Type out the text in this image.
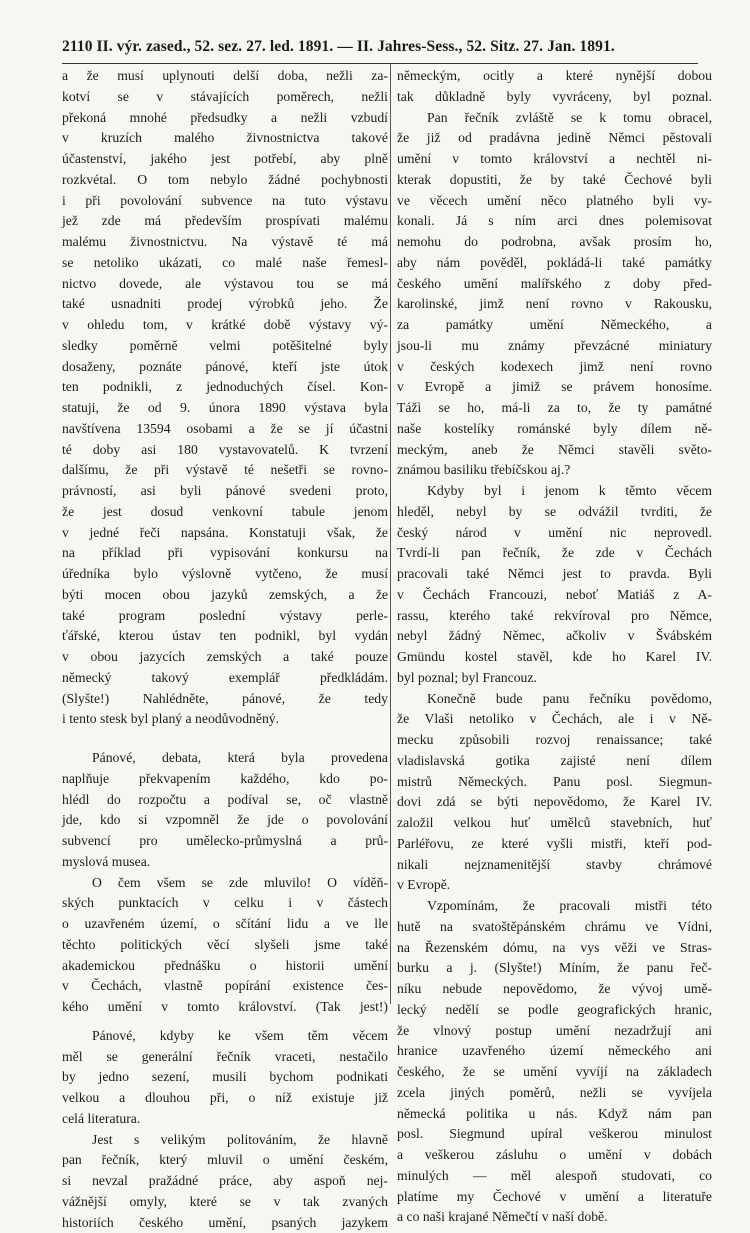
2110 II. výr. zased., 52. sez. 27. led. 1891. — II. Jahres-Sess., 52. Sitz. 27. Jan. 1891.
a že musí uplynouti delší doba, nežli za-
kotví se v stávajících poměrech, nežli
překoná mnohé předsudky a nežli vzbudí
v kruzích malého živnostnictva takové
účastenství, jakého jest potřebí, aby plně
rozkvétal. O tom nebylo žádné pochybnosti
i při povolování subvence na tuto výstavu
jež zde má především prospívati malému
malému živnostnictvu. Na výstavě té má
se netoliko ukázati, co malé naše řemesl-
nictvo dovede, ale výstavou tou se má
také usnadniti prodej výrobků jeho. Že
v ohledu tom, v krátké době výstavy vý-
sledky poměrně velmi potěšitelné byly
dosaženy, poznáte pánové, kteří jste útok
ten podnikli, z jednoduchých čísel. Kon-
statuji, že od 9. února 1890 výstava byla
navštívena 13594 osobami a že se jí účastni
té doby asi 180 vystavovatelů. K tvrzení
dalšímu, že při výstavě té nešetři se rovno-
právností, asi byli pánové svedeni proto,
že jest dosud venkovní tabule jenom
v jedné řeči napsána. Konstatuji však, že
na příklad při vypisování konkursu na
úředníka bylo výslovně vytčeno, že musí
býti mocen obou jazyků zemských, a že
také program poslední výstavy perle-
ťářské, kterou ústav ten podnikl, byl vydán
v obou jazycích zemských a také pouze
německý takový exemplář předkládám.
(Slyšte!) Nahlédněte, pánové, že tedy
i tento stesk byl planý a neodůvodněný.
Pánové, debata, která byla provedena
naplňuje překvapením každého, kdo po-
hlédl do rozpočtu a podíval se, oč vlastně
jde, kdo si vzpomněl že jde o povolování
subvencí pro umělecko-průmyslná a prů-
myslová musea.
O čem všem se zde mluvilo! O víděň-
ských punktacích v celku i v částech
o uzavřeném území, o sčítání lidu a ve lle
těchto politických věcí slyšeli jsme také
akademickou přednášku o historii umění
v Čechách, vlastně popírání existence čes-
kého umění v tomto království. (Tak jest!)
Pánové, kdyby ke všem těm věcem
měl se generální řečník vraceti, nestačilo
by jedno sezení, musili bychom podnikati
velkou a dlouhou při, o níž existuje již
celá literatura.
Jest s velikým politováním, že hlavně
pan řečník, který mluvil o umění českém,
si nevzal pražádné práce, aby aspoň nej-
vážnější omyly, které se v tak zvaných
historiích českého umění, psaných jazykem
německým, ocitly a které nynější dobou
tak důkladně byly vyvráceny, byl poznal.
Pan řečník zvláště se k tomu obracel,
že již od pradávna jedině Němci pěstovali
umění v tomto království a nechtěl ni-
kterak dopustiti, že by také Čechové byli
ve věcech umění něco platného byli vy-
konali. Já s ním arci dnes polemisovat
nemohu do podrobna, avšak prosím ho,
aby nám pověděl, pokládá-li také památky
českého umění malířského z doby před-
karolinské, jimž není rovno v Rakousku,
za památky umění Německého, a
jsou-li mu známy převzácné miniatury
v českých kodexech jimž není rovno
v Evropě a jimiž se právem honosíme.
Tážì se ho, má-li za to, že ty památné
naše kostelíky románské byly dílem ně-
meckým, aneb že Němci stavěli světo-
známou basiliku třebíčskou aj.?
Kdyby byl i jenom k těmto věcem
hleděl, nebyl by se odvážil tvrditi, že
český národ v umění nic neprovedl.
Tvrdí-li pan řečník, že zde v Čechách
pracovali také Němci jest to pravda. Byli
v Čechách Francouzi, neboť Matiáš z A-
rassu, kterého také rekvíroval pro Němce,
nebyl žádný Němec, ačkoliv v Švábském
Gmündu kostel stavěl, kde ho Karel IV.
byl poznal; byl Francouz.
Konečně bude panu řečníku povědomo,
že Vlaši netoliko v Čechách, ale i v Ně-
mecku způsobili rozvoj renaissance; také
vladislavská gotika zajisté není dílem
mistrů Německých. Panu posl. Siegmun-
dovi zdá se býti nepovědomo, že Karel IV.
založil velkou huť umělců stavebních, huť
Parléřovu, ze které vyšli mistři, kteří pod-
nikali nejznamenitější stavby chrámové
v Evropě.
Vzpomínám, že pracovali mistři této
hutě na svatoštěpánském chrámu ve Vídni,
na Řezenském dómu, na vys věži ve Stras-
burku a j. (Slyšte!) Míním, že panu řeč-
níku nebude nepovědomo, že vývoj umě-
lecký nedělí se podle geografických hranic,
že vlnový postup umění nezadržují ani
hranice uzavřeného území německého ani
českého, že se umění vyvíjí na základech
zcela jiných poměrů, nežli se vyvíjela
německá politika u nás. Když nám pan
posl. Siegmund upíral veškerou minulost
a veškerou zásluhu o umění v dobách
minulých — měl alespoň studovati, co
platíme my Čechové v umění a literatuře
a co naši krajané Němečtí v naší době.
